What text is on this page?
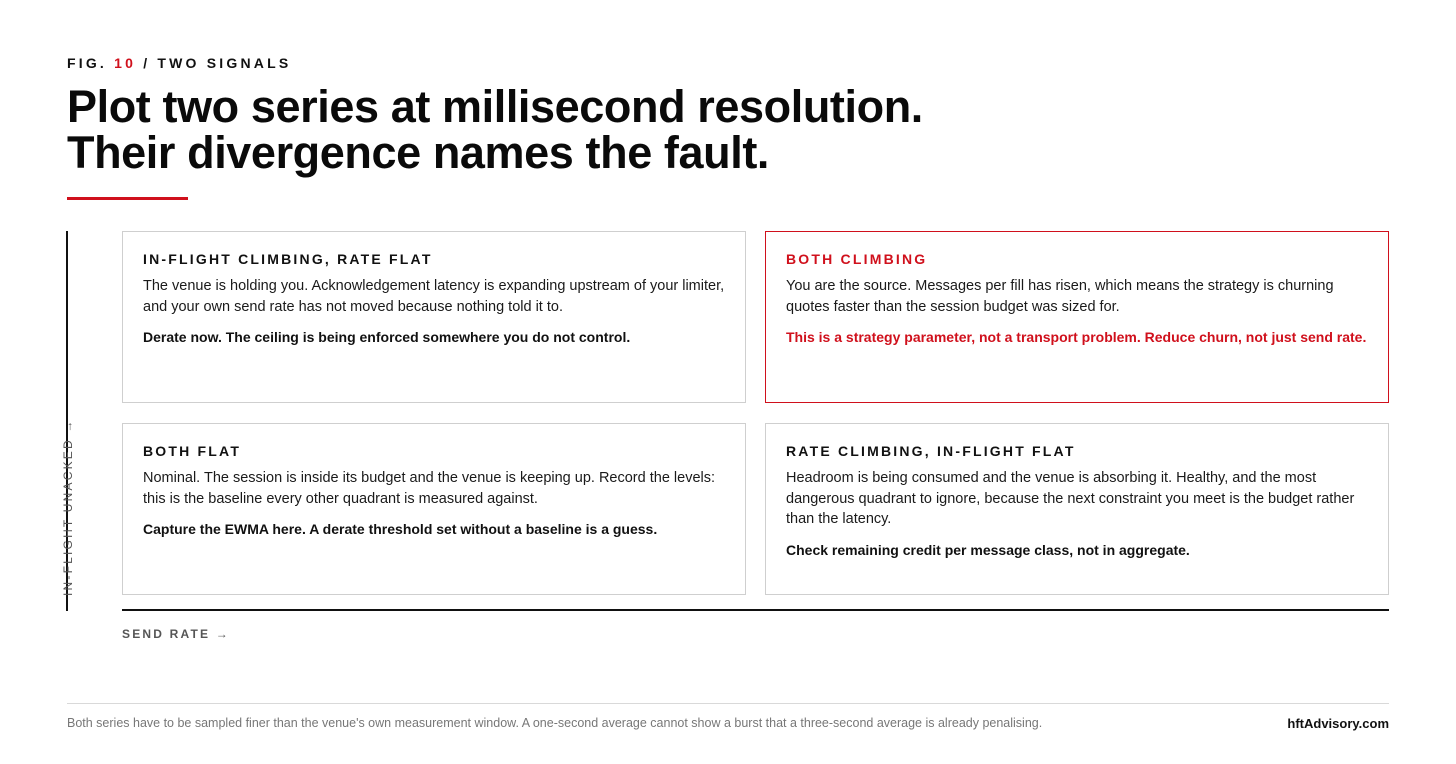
FIG. 10 / TWO SIGNALS
Plot two series at millisecond resolution.
Their divergence names the fault.
IN-FLIGHT UNACKED →
IN-FLIGHT CLIMBING, RATE FLAT

The venue is holding you. Acknowledgement latency is expanding upstream of your limiter, and your own send rate has not moved because nothing told it to.

Derate now. The ceiling is being enforced somewhere you do not control.

BOTH CLIMBING

You are the source. Messages per fill has risen, which means the strategy is churning quotes faster than the session budget was sized for.

This is a strategy parameter, not a transport problem. Reduce churn, not just send rate.

BOTH FLAT

Nominal. The session is inside its budget and the venue is keeping up. Record the levels: this is the baseline every other quadrant is measured against.

Capture the EWMA here. A derate threshold set without a baseline is a guess.

RATE CLIMBING, IN-FLIGHT FLAT

Headroom is being consumed and the venue is absorbing it. Healthy, and the most dangerous quadrant to ignore, because the next constraint you meet is the budget rather than the latency.

Check remaining credit per message class, not in aggregate.

SEND RATE →
Both series have to be sampled finer than the venue's own measurement window. A one-second average cannot show a burst that a three-second average is already penalising.	hftAdvisory.com
